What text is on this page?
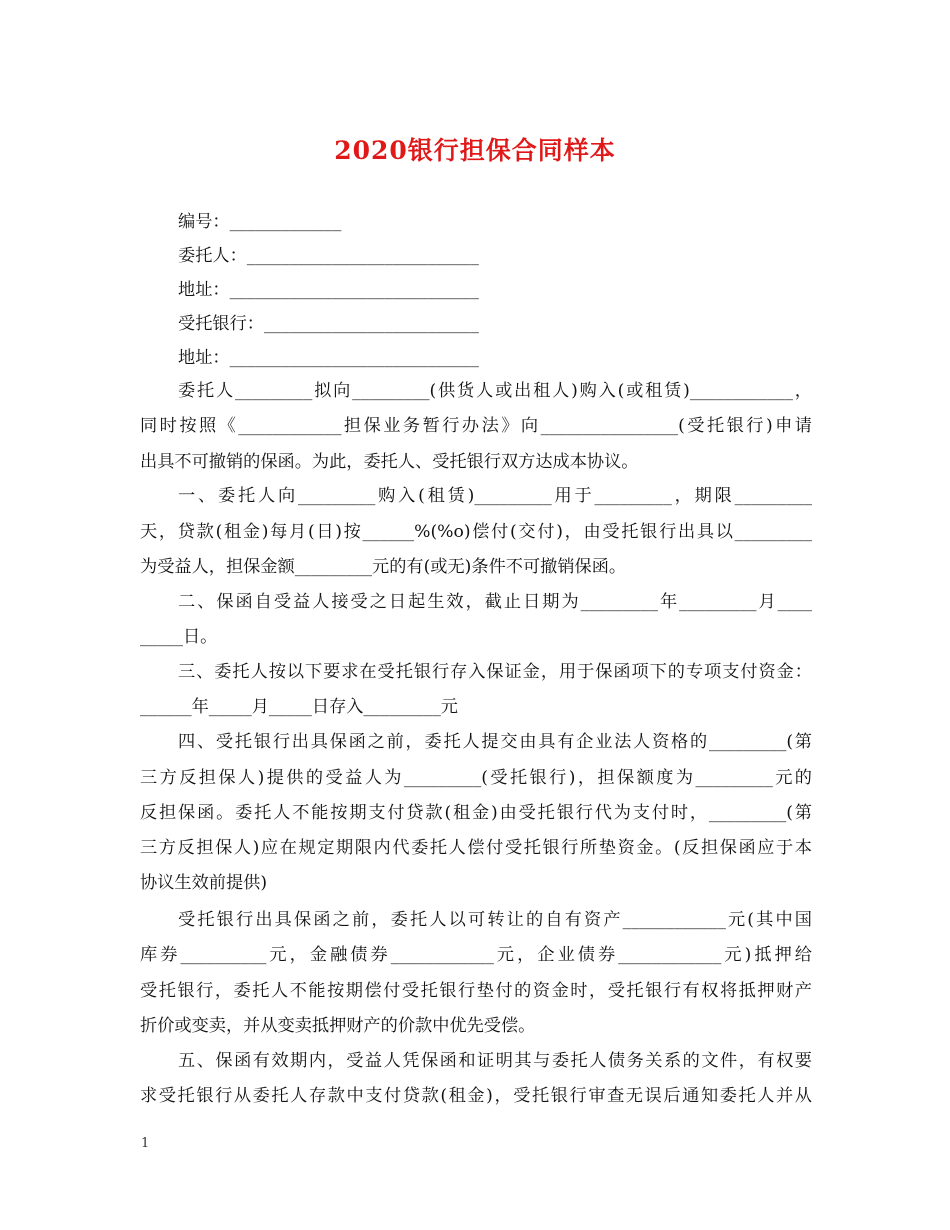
2020银行担保合同样本
编号：_____________
委托人：___________________________
地址：_____________________________
受托银行：_________________________
地址：_____________________________
委托人_________拟向_________(供货人或出租人)购入(或租赁)____________，
同时按照《____________担保业务暂行办法》向________________(受托银行)申请
出具不可撤销的保函。为此，委托人、受托银行双方达成本协议。
一、委托人向_________购入(租赁)_________用于_________，期限_________
天，贷款(租金)每月(日)按______%(%o)偿付(交付)，由受托银行出具以_________
为受益人，担保金额_________元的有(或无)条件不可撤销保函。
二、保函自受益人接受之日起生效，截止日期为_________年_________月____
_____日。
三、委托人按以下要求在受托银行存入保证金，用于保函项下的专项支付资金：
______年_____月_____日存入_________元
四、受托银行出具保函之前，委托人提交由具有企业法人资格的_________(第
三方反担保人)提供的受益人为_________(受托银行)，担保额度为_________元的
反担保函。委托人不能按期支付贷款(租金)由受托银行代为支付时，_________(第
三方反担保人)应在规定期限内代委托人偿付受托银行所垫资金。(反担保函应于本
协议生效前提供)
受托银行出具保函之前，委托人以可转让的自有资产____________元(其中国
库券__________元，金融债券____________元，企业债券____________元)抵押给
受托银行，委托人不能按期偿付受托银行垫付的资金时，受托银行有权将抵押财产
折价或变卖，并从变卖抵押财产的价款中优先受偿。
五、保函有效期内，受益人凭保函和证明其与委托人债务关系的文件，有权要
求受托银行从委托人存款中支付贷款(租金)，受托银行审查无误后通知委托人并从
1
